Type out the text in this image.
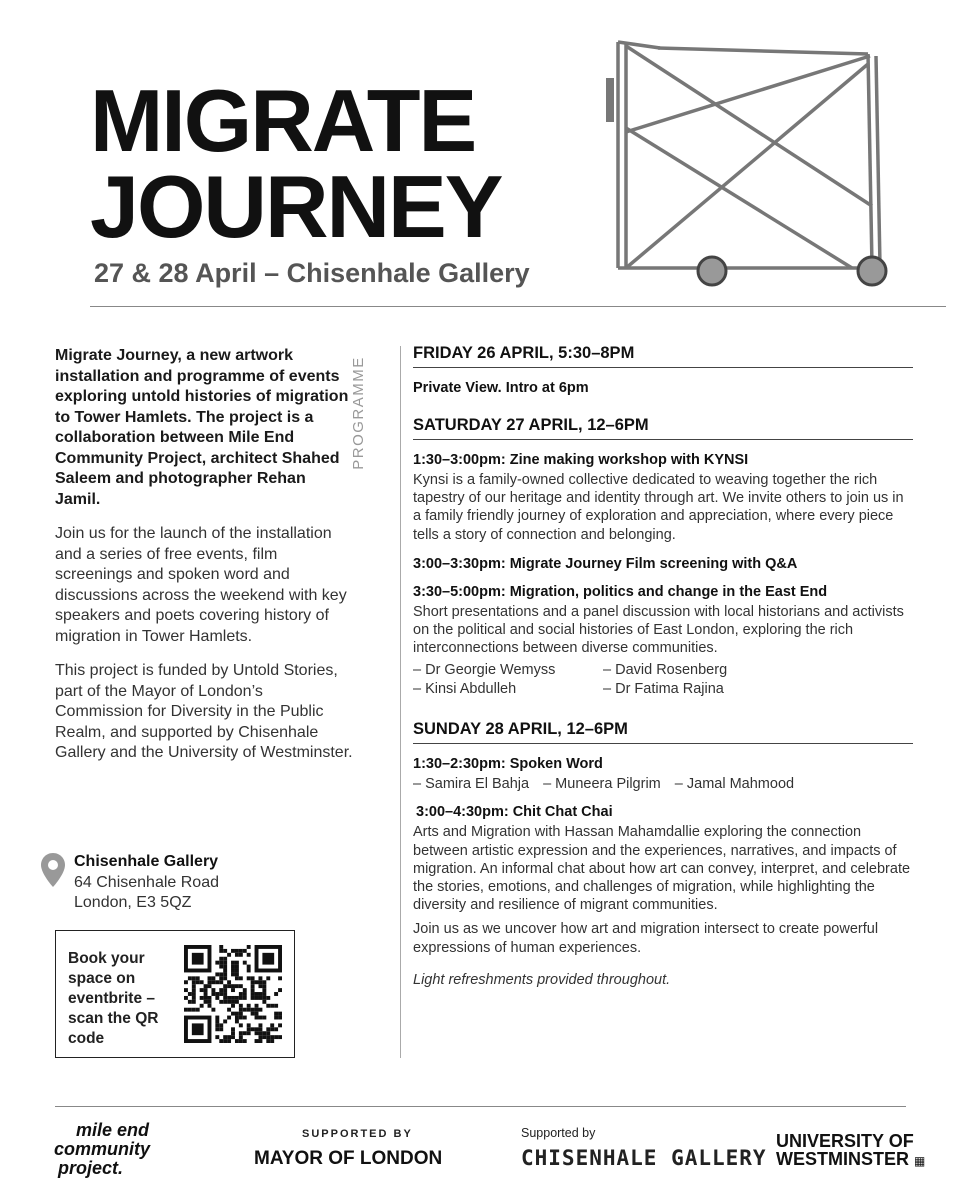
MIGRATE
JOURNEY
27 & 28 April – Chisenhale Gallery

Migrate Journey, a new artwork installation and programme of events exploring untold histories of migration to Tower Hamlets. The project is a collaboration between Mile End Community Project, architect Shahed Saleem and photographer Rehan Jamil.

Join us for the launch of the installation and a series of free events, film screenings and spoken word and discussions across the weekend with key speakers and poets covering history of migration in Tower Hamlets.

This project is funded by Untold Stories, part of the Mayor of London’s Commission for Diversity in the Public Realm, and supported by Chisenhale Gallery and the University of Westminster.

Chisenhale Gallery
64 Chisenhale Road
London, E3 5QZ
Book your space on eventbrite – scan the QR code
PROGRAMME
FRIDAY 26 APRIL, 5:30–8PM

Private View. Intro at 6pm

SATURDAY 27 APRIL, 12–6PM

1:30–3:00pm: Zine making workshop with KYNSI

Kynsi is a family-owned collective dedicated to weaving together the rich tapestry of our heritage and identity through art. We invite others to join us in a family friendly journey of exploration and appreciation, where every piece tells a story of connection and belonging.

3:00–3:30pm: Migrate Journey Film screening with Q&A

3:30–5:00pm: Migration, politics and change in the East End

Short presentations and a panel discussion with local historians and activists on the political and social histories of East London, exploring the rich interconnections between diverse communities.

– Dr Georgie Wemyss	– David Rosenberg
– Kinsi Abdulleh	– Dr Fatima Rajina
SUNDAY 28 APRIL, 12–6PM

1:30–2:30pm: Spoken Word

– Samira El Bahja – Muneera Pilgrim – Jamal Mahmood

3:00–4:30pm: Chit Chat Chai

Arts and Migration with Hassan Mahamdallie exploring the connection between artistic expression and the experiences, narratives, and impacts of migration. An informal chat about how art can convey, interpret, and celebrate the stories, emotions, and challenges of migration, while highlighting the diversity and resilience of migrant communities.

Join us as we uncover how art and migration intersect to create powerful expressions of human experiences.

Light refreshments provided throughout.

mile end
community
project.
SUPPORTED BY
MAYOR OF LONDON
Supported by
CHISENHALE GALLERY
UNIVERSITY OF
WESTMINSTER ▦
